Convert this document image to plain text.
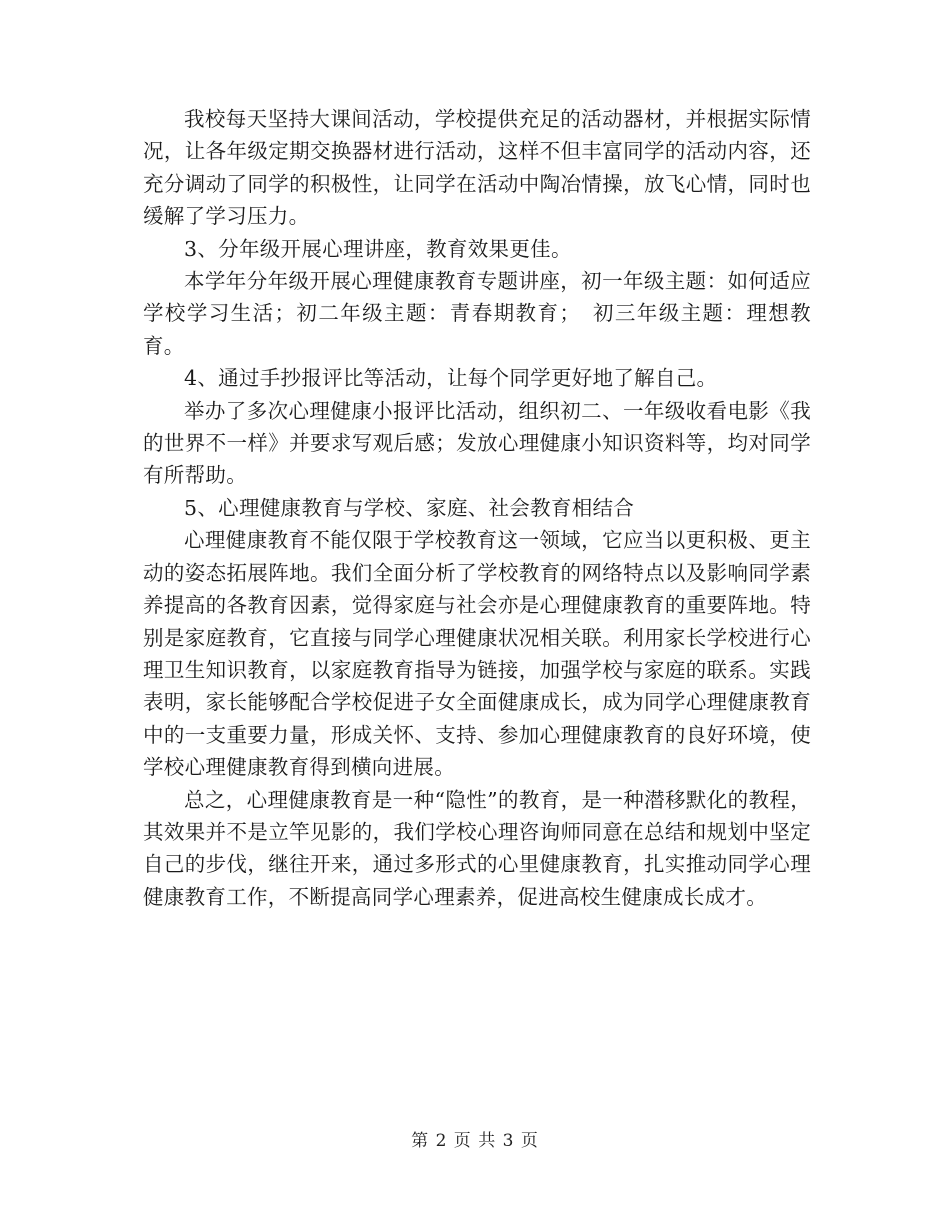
我校每天坚持大课间活动，学校提供充足的活动器材，并根据实际情况，让各年级定期交换器材进行活动，这样不但丰富同学的活动内容，还充分调动了同学的积极性，让同学在活动中陶冶情操，放飞心情，同时也缓解了学习压力。

3、分年级开展心理讲座，教育效果更佳。

本学年分年级开展心理健康教育专题讲座，初一年级主题：如何适应学校学习生活；初二年级主题：青春期教育；　初三年级主题：理想教育。

4、通过手抄报评比等活动，让每个同学更好地了解自己。

举办了多次心理健康小报评比活动，组织初二、一年级收看电影《我的世界不一样》并要求写观后感；发放心理健康小知识资料等，均对同学有所帮助。

5、心理健康教育与学校、家庭、社会教育相结合

心理健康教育不能仅限于学校教育这一领域，它应当以更积极、更主动的姿态拓展阵地。我们全面分析了学校教育的网络特点以及影响同学素养提高的各教育因素，觉得家庭与社会亦是心理健康教育的重要阵地。特别是家庭教育，它直接与同学心理健康状况相关联。利用家长学校进行心理卫生知识教育，以家庭教育指导为链接，加强学校与家庭的联系。实践表明，家长能够配合学校促进子女全面健康成长，成为同学心理健康教育中的一支重要力量，形成关怀、支持、参加心理健康教育的良好环境，使学校心理健康教育得到横向进展。

总之，心理健康教育是一种“隐性”的教育，是一种潜移默化的教程，其效果并不是立竿见影的，我们学校心理咨询师同意在总结和规划中坚定自己的步伐，继往开来，通过多形式的心里健康教育，扎实推动同学心理健康教育工作，不断提高同学心理素养，促进高校生健康成长成才。

第 2 页 共 3 页
